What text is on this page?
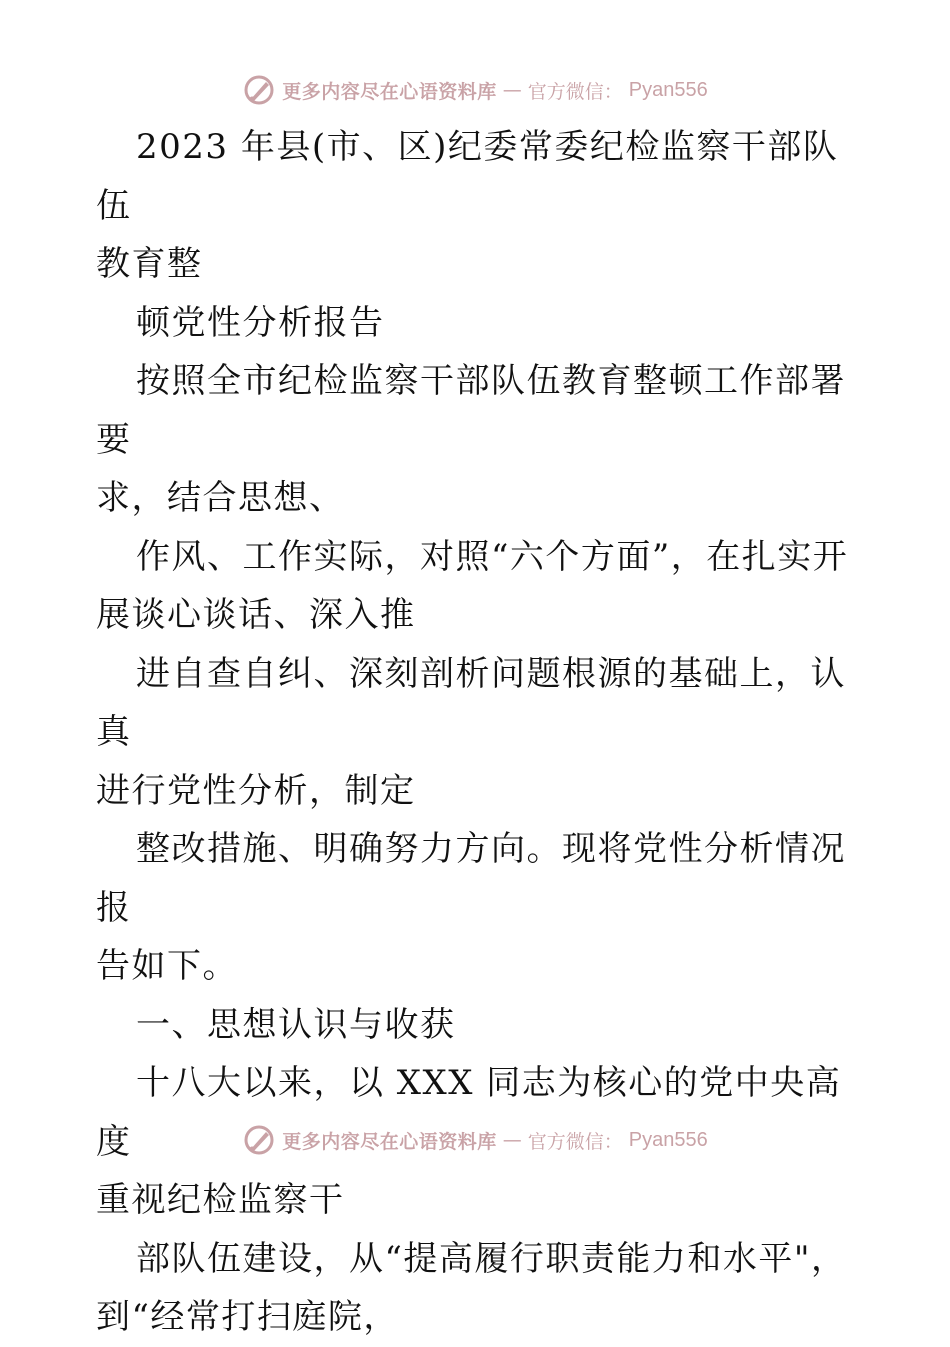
更多内容尽在心语资料库 — 官方微信： Pyan556

2023 年县(市、区)纪委常委纪检监察干部队伍

教育整

顿党性分析报告

按照全市纪检监察干部队伍教育整顿工作部署要

求，结合思想、

作风、工作实际，对照“六个方面”，在扎实开

展谈心谈话、深入推

进自查自纠、深刻剖析问题根源的基础上，认真

进行党性分析，制定

整改措施、明确努力方向。现将党性分析情况报

告如下。

一、思想认识与收获

十八大以来，以 XXX 同志为核心的党中央高度

重视纪检监察干

部队伍建设，从“提高履行职责能力和水平"，

到“经常打扫庭院，

更多内容尽在心语资料库 — 官方微信： Pyan556
